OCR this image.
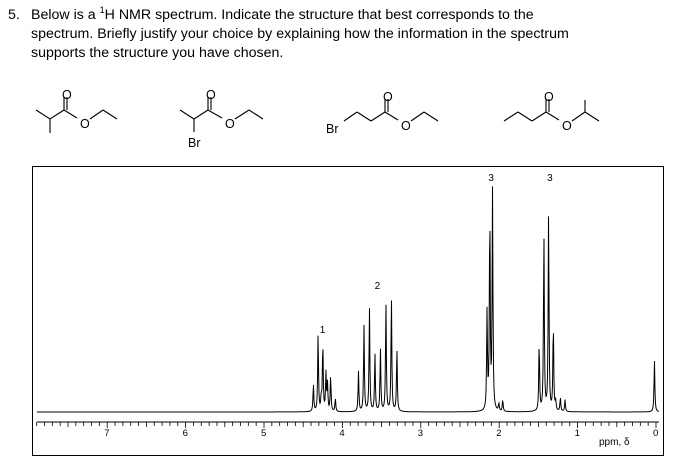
5. Below is a $^1$H NMR spectrum. Indicate the structure that best corresponds to the
spectrum. Briefly justify your choice by explaining how the information in the spectrum
supports the structure you have chosen.
O
O
O
O
Br
O
O
Br
O
O
7	6	5	4	3	2	1	0
1
2
3	3
ppm, δ
